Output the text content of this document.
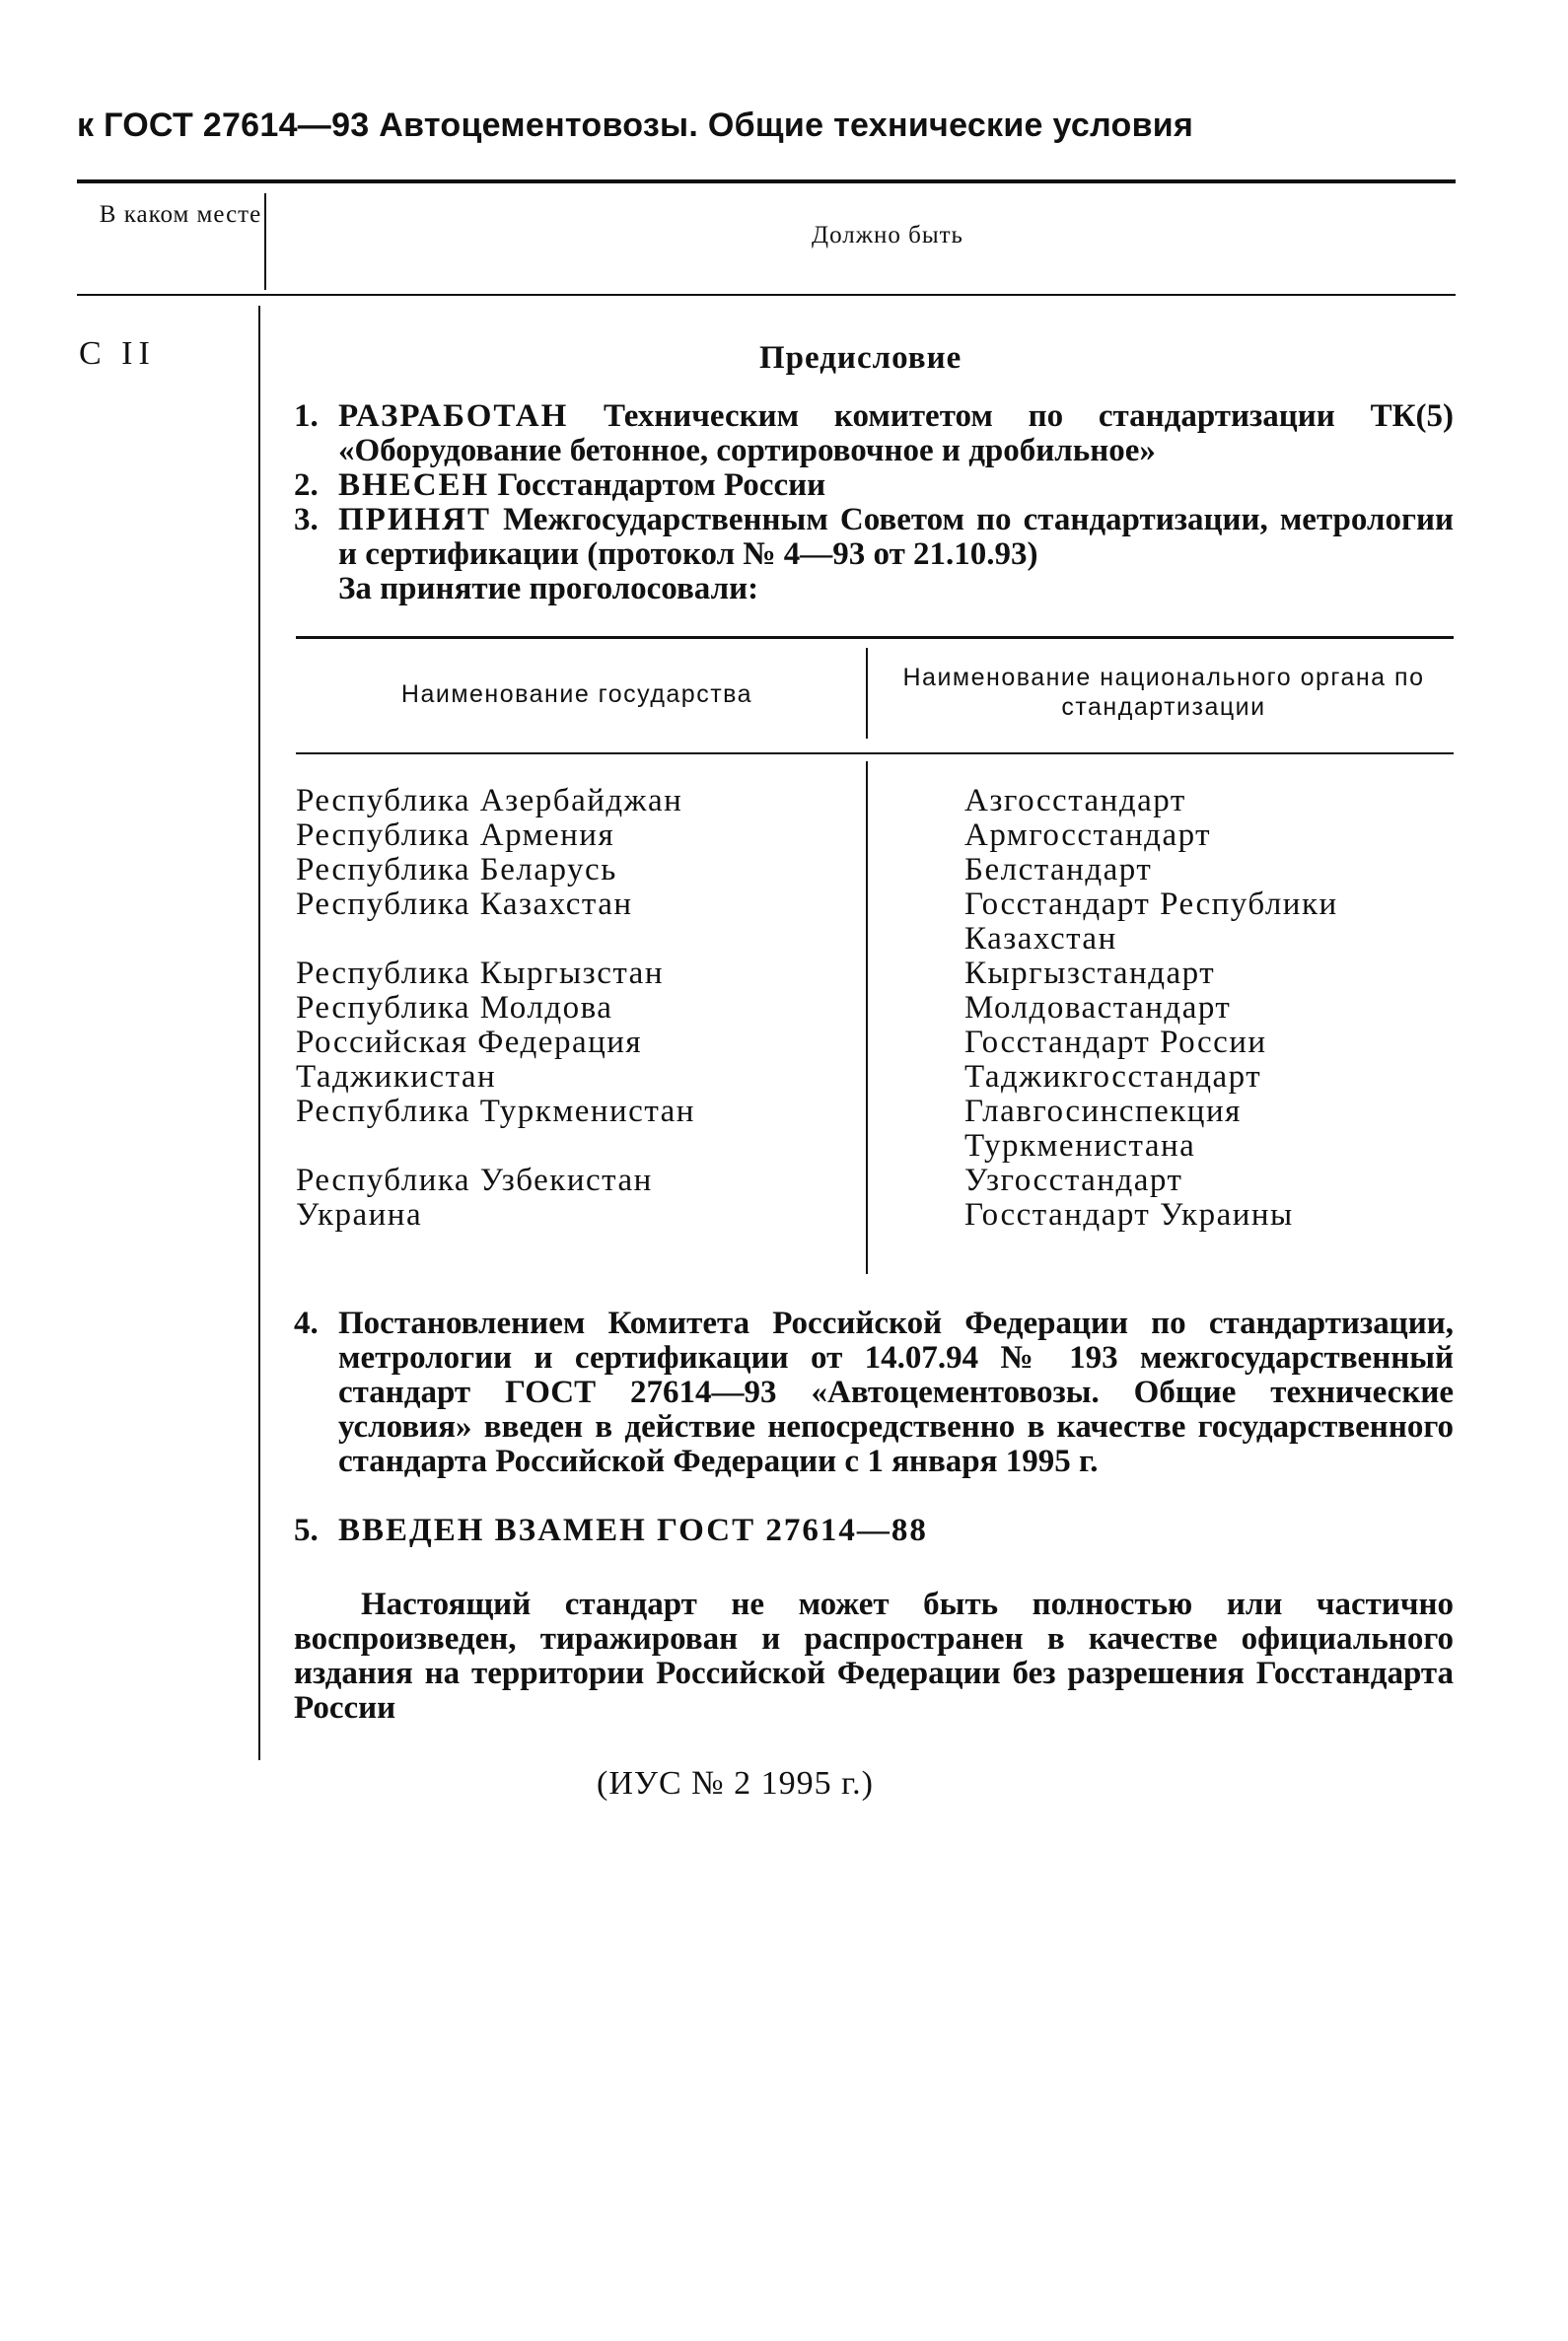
к ГОСТ 27614—93 Автоцементовозы. Общие технические условия
В каком месте
Должно быть
С II	Предисловие
1. РАЗРАБОТАН Техническим комитетом по стандартизации ТК(5) «Оборудование бетонное, сортировочное и дробильное»
2. ВНЕСЕН Госстандартом России
3. ПРИНЯТ Межгосударственным Советом по стандартизации, метрологии и сертификации (протокол № 4—93 от 21.10.93)
За принятие проголосовали:
Наименование государства
Наименование национального органа по стандартизации
Республика Азербайджан
Республика Армения
Республика Беларусь
Республика Казахстан
Республика Кыргызстан
Республика Молдова
Российская Федерация
Таджикистан
Республика Туркменистан
Республика Узбекистан
Украина
Азгосстандарт
Армгосстандарт
Белстандарт
Госстандарт Республики
Казахстан
Кыргызстандарт
Молдовастандарт
Госстандарт России
Таджикгосстандарт
Главгосинспекция
Туркменистана
Узгосстандарт
Госстандарт Украины
4. Постановлением Комитета Российской Федерации по стандартизации, метрологии и сертификации от 14.07.94 № 193 межгосударственный стандарт ГОСТ 27614—93 «Автоцементовозы. Общие технические условия» введен в действие непосредственно в качестве государственного стандарта Российской Федерации с 1 января 1995 г.
5. ВВЕДЕН ВЗАМЕН ГОСТ 27614—88
Настоящий стандарт не может быть полностью или частично воспроизведен, тиражирован и распространен в качестве официального издания на территории Российской Федерации без разрешения Госстандарта России
(ИУС № 2 1995 г.)
